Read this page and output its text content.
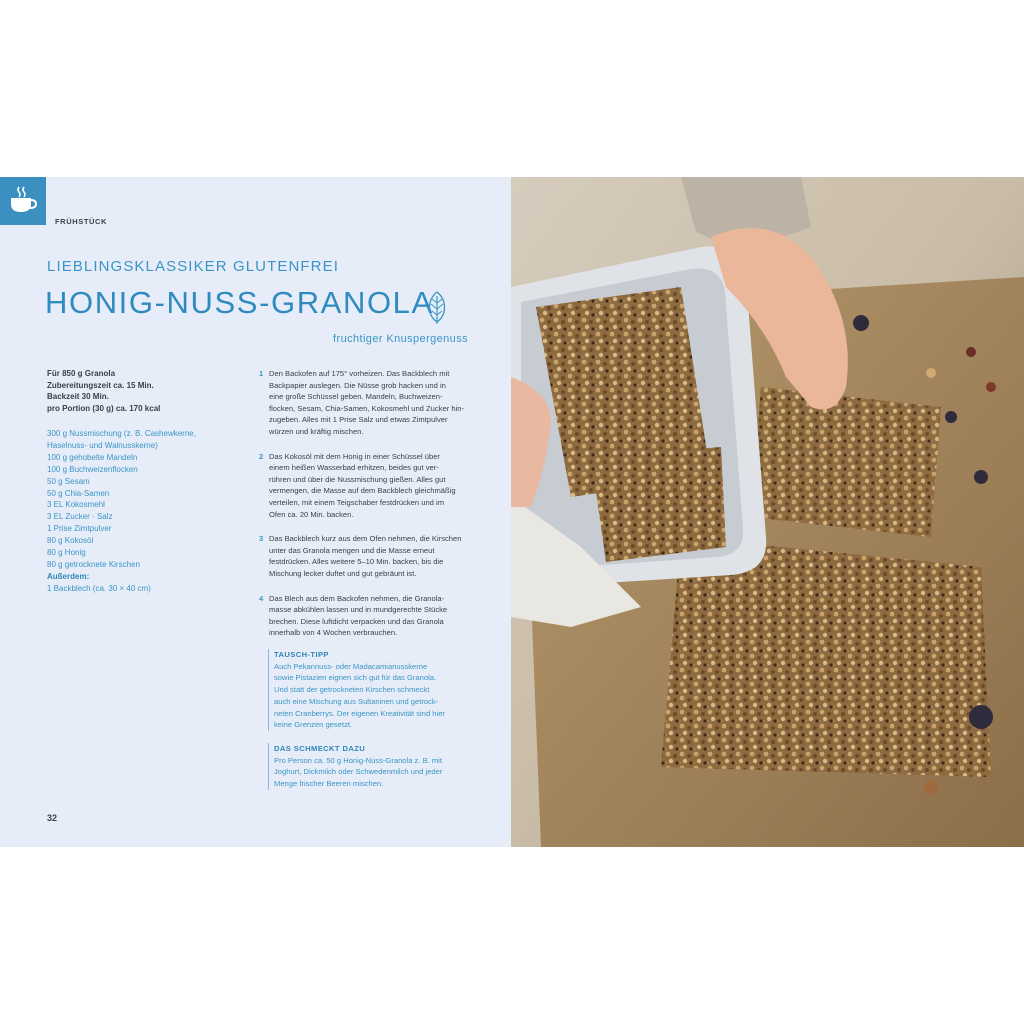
FRÜHSTÜCK
LIEBLINGSKLASSIKER GLUTENFREI
HONIG-NUSS-GRANOLA
fruchtiger Knuspergenuss
Für 850 g Granola
Zubereitungszeit ca. 15 Min.
Backzeit 30 Min.
pro Portion (30 g) ca. 170 kcal
300 g Nussmischung (z. B. Cashewkerne,
Haselnuss- und Walnusskerne)
100 g gehobelte Mandeln
100 g Buchweizenflocken
50 g Sesam
50 g Chia-Samen
3 EL Kokosmehl
3 EL Zucker · Salz
1 Prise Zimtpulver
80 g Kokosöl
80 g Honig
80 g getrocknete Kirschen
Außerdem:
1 Backblech (ca. 30 × 40 cm)
1 Den Backofen auf 175° vorheizen. Das Backblech mit
Backpapier auslegen. Die Nüsse grob hacken und in
eine große Schüssel geben. Mandeln, Buchweizen-
flocken, Sesam, Chia-Samen, Kokosmehl und Zucker hin-
zugeben. Alles mit 1 Prise Salz und etwas Zimtpulver
würzen und kräftig mischen.
2 Das Kokosöl mit dem Honig in einer Schüssel über
einem heißen Wasserbad erhitzen, beides gut ver-
rühren und über die Nussmischung gießen. Alles gut
vermengen, die Masse auf dem Backblech gleichmäßig
verteilen, mit einem Teigschaber festdrücken und im
Ofen ca. 20 Min. backen.
3 Das Backblech kurz aus dem Ofen nehmen, die Kirschen
unter das Granola mengen und die Masse erneut
festdrücken. Alles weitere 5–10 Min. backen, bis die
Mischung lecker duftet und gut gebräunt ist.
4 Das Blech aus dem Backofen nehmen, die Granola-
masse abkühlen lassen und in mundgerechte Stücke
brechen. Diese luftdicht verpacken und das Granola
innerhalb von 4 Wochen verbrauchen.
TAUSCH-TIPP
Auch Pekannuss- oder Madacamianusskerne
sowie Pistazien eignen sich gut für das Granola.
Und statt der getrockneten Kirschen schmeckt
auch eine Mischung aus Sultaninen und getrock-
neten Cranberrys. Der eigenen Kreativität sind hier
keine Grenzen gesetzt.
DAS SCHMECKT DAZU
Pro Person ca. 50 g Honig-Nuss-Granola z. B. mit
Joghurt, Dickmilch oder Schwedenmilch und jeder
Menge frischer Beeren mischen.
32
